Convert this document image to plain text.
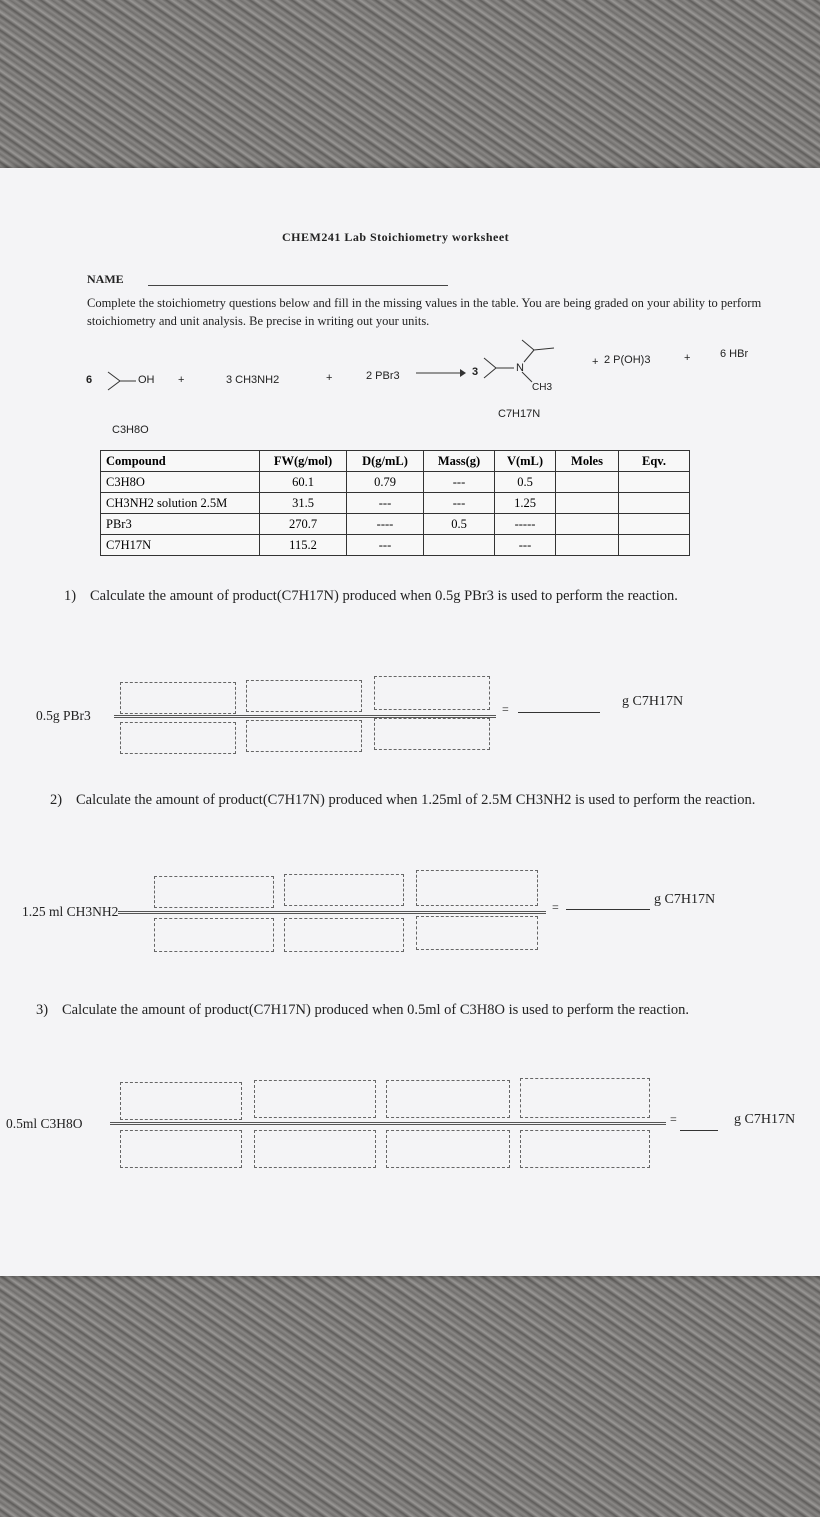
CHEM241 Lab Stoichiometry worksheet
NAME
Complete the stoichiometry questions below and fill in the missing values in the table. You are being graded on your ability to perform stoichiometry and unit analysis. Be precise in writing out your units.
6	OH
C3H8O
+	3 CH3NH2	+	2 PBr3 → 3	N
CH3
C7H17N
+ 2 P(OH)3	+	6 HBr
Compound	FW(g/mol)	D(g/mL)	Mass(g)	V(mL)	Moles	Eqv.
C3H8O	60.1	0.79	---	0.5		
CH3NH2 solution 2.5M	31.5	---	---	1.25		
PBr3	270.7	----	0.5	-----		
C7H17N	115.2	---		---		
1) Calculate the amount of product(C7H17N) produced when 0.5g PBr3 is used to perform the reaction.
0.5g PBr3	=	g C7H17N
2) Calculate the amount of product(C7H17N) produced when 1.25ml of 2.5M CH3NH2 is used to perform the reaction.
1.25 ml CH3NH2	=	g C7H17N
3) Calculate the amount of product(C7H17N) produced when 0.5ml of C3H8O is used to perform the reaction.
0.5ml C3H8O	=	g C7H17N
